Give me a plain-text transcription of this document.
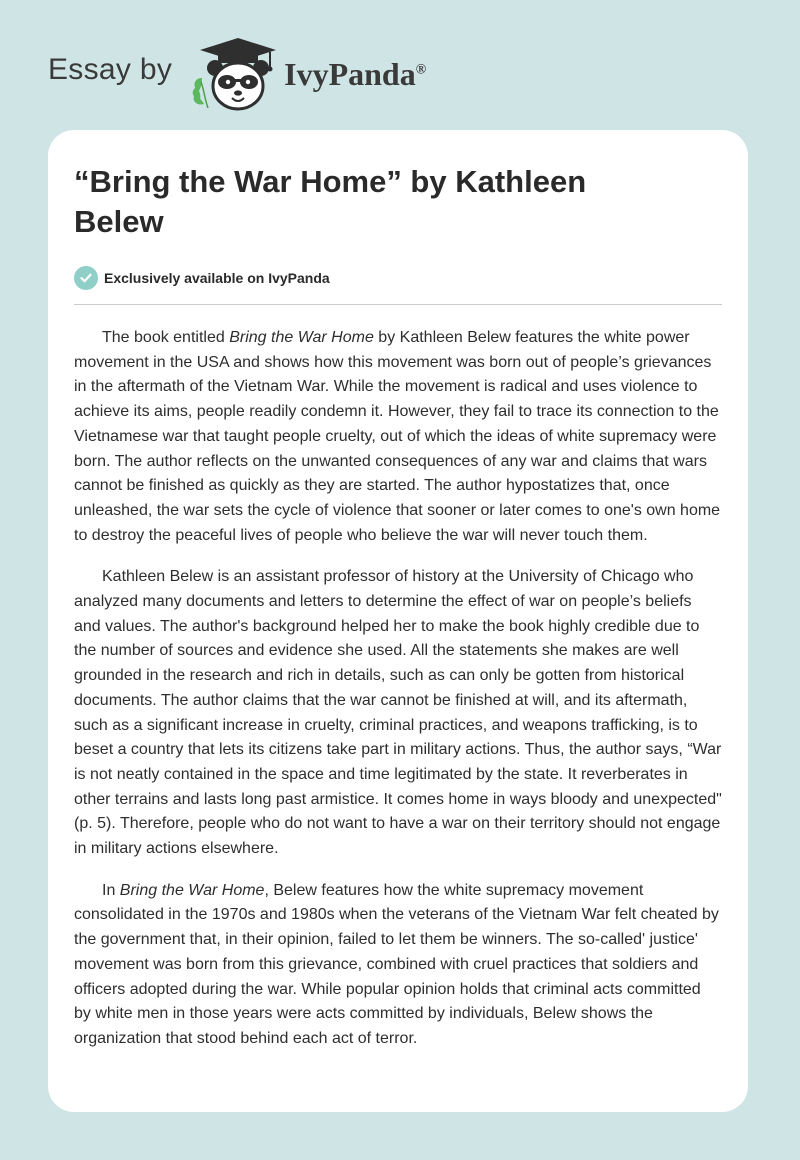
Essay by	IvyPanda®
“Bring the War Home” by Kathleen Belew
Exclusively available on IvyPanda

The book entitled Bring the War Home by Kathleen Belew features the white power movement in the USA and shows how this movement was born out of people’s grievances in the aftermath of the Vietnam War. While the movement is radical and uses violence to achieve its aims, people readily condemn it. However, they fail to trace its connection to the Vietnamese war that taught people cruelty, out of which the ideas of white supremacy were born. The author reflects on the unwanted consequences of any war and claims that wars cannot be finished as quickly as they are started. The author hypostatizes that, once unleashed, the war sets the cycle of violence that sooner or later comes to one's own home to destroy the peaceful lives of people who believe the war will never touch them.

Kathleen Belew is an assistant professor of history at the University of Chicago who analyzed many documents and letters to determine the effect of war on people’s beliefs and values. The author's background helped her to make the book highly credible due to the number of sources and evidence she used. All the statements she makes are well grounded in the research and rich in details, such as can only be gotten from historical documents. The author claims that the war cannot be finished at will, and its aftermath, such as a significant increase in cruelty, criminal practices, and weapons trafficking, is to beset a country that lets its citizens take part in military actions. Thus, the author says, “War is not neatly contained in the space and time legitimated by the state. It reverberates in other terrains and lasts long past armistice. It comes home in ways bloody and unexpected" (p. 5). Therefore, people who do not want to have a war on their territory should not engage in military actions elsewhere.

In Bring the War Home, Belew features how the white supremacy movement consolidated in the 1970s and 1980s when the veterans of the Vietnam War felt cheated by the government that, in their opinion, failed to let them be winners. The so-called' justice' movement was born from this grievance, combined with cruel practices that soldiers and officers adopted during the war. While popular opinion holds that criminal acts committed by white men in those years were acts committed by individuals, Belew shows the organization that stood behind each act of terror.
